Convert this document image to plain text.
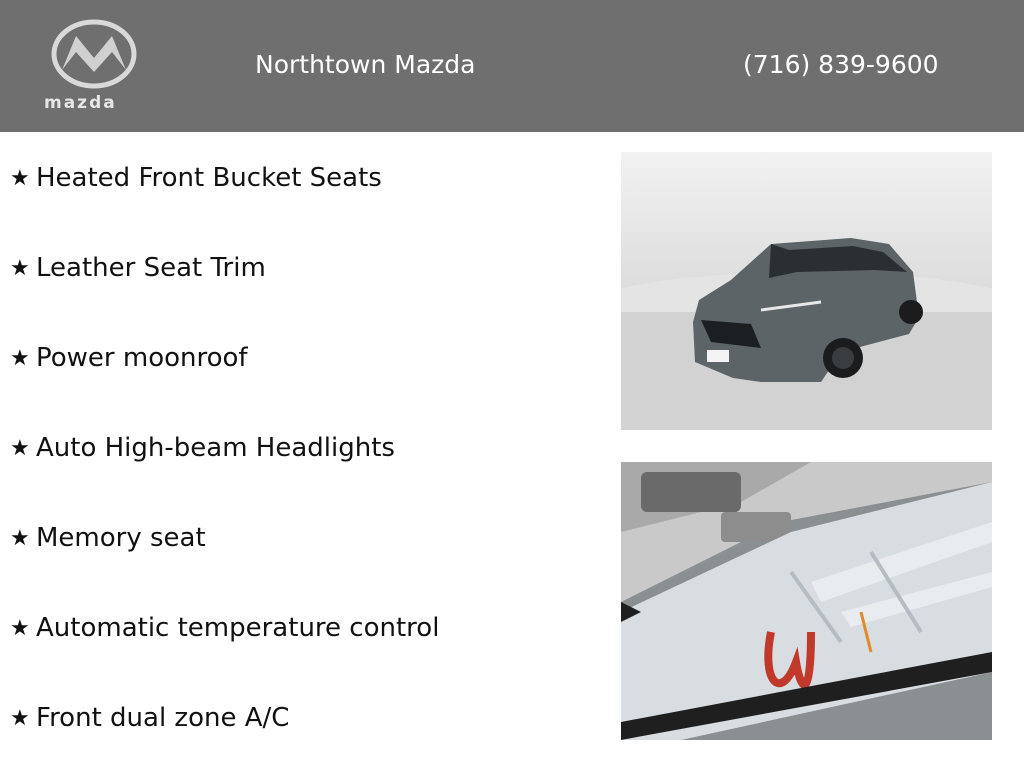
mazda
Northtown Mazda	(716) 839-9600
★ Heated Front Bucket Seats
★ Leather Seat Trim
★ Power moonroof
★ Auto High-beam Headlights
★ Memory seat
★ Automatic temperature control
★ Front dual zone A/C
